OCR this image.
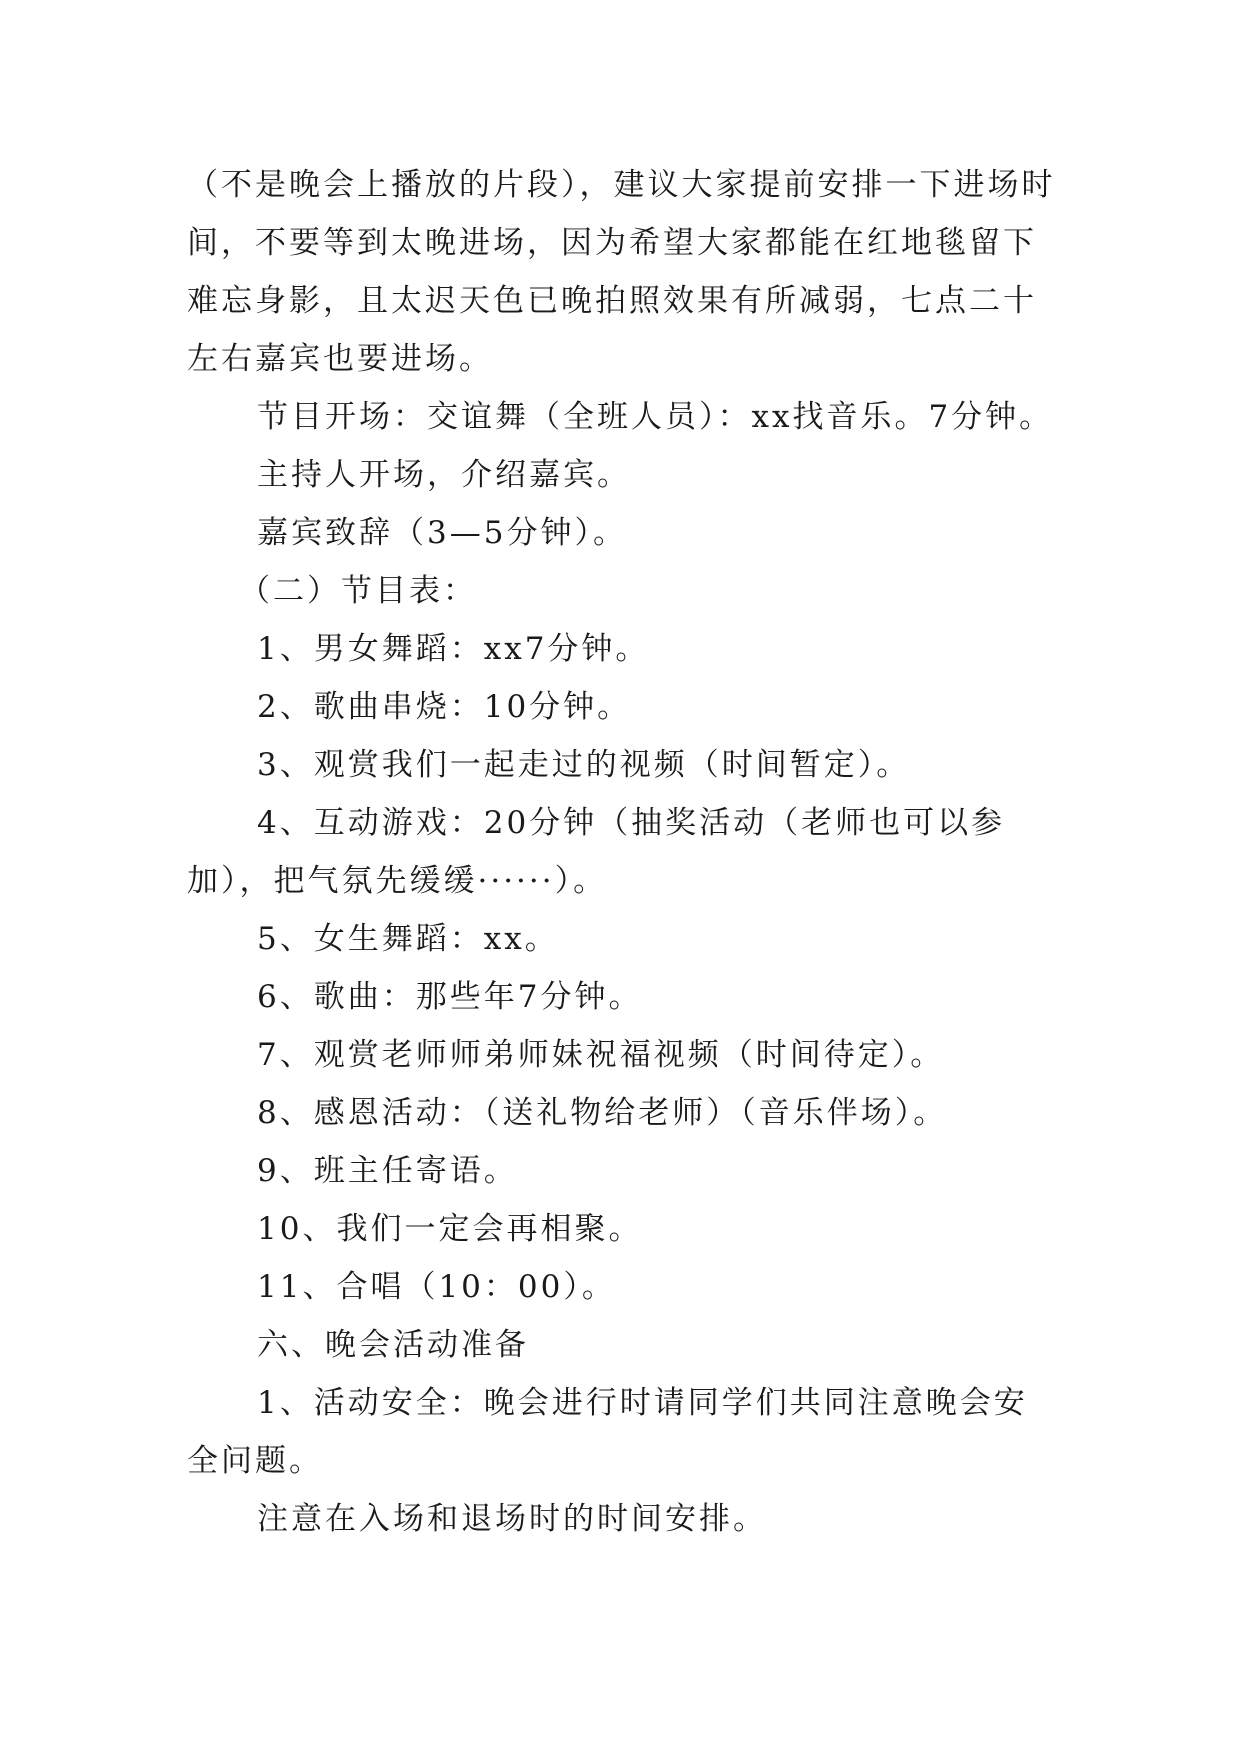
（不是晚会上播放的片段），建议大家提前安排一下进场时间，不要等到太晚进场，因为希望大家都能在红地毯留下难忘身影，且太迟天色已晚拍照效果有所减弱，七点二十左右嘉宾也要进场。

节目开场：交谊舞（全班人员）：xx找音乐。7分钟。

主持人开场，介绍嘉宾。

嘉宾致辞（3—5分钟）。

（二）节目表：

1、男女舞蹈：xx7分钟。

2、歌曲串烧：10分钟。

3、观赏我们一起走过的视频（时间暂定）。

4、互动游戏：20分钟（抽奖活动（老师也可以参加），把气氛先缓缓······）。

5、女生舞蹈：xx。

6、歌曲：那些年7分钟。

7、观赏老师师弟师妹祝福视频（时间待定）。

8、感恩活动：（送礼物给老师）（音乐伴场）。

9、班主任寄语。

10、我们一定会再相聚。

11、合唱（10：00）。

六、晚会活动准备

1、活动安全：晚会进行时请同学们共同注意晚会安全问题。

注意在入场和退场时的时间安排。
